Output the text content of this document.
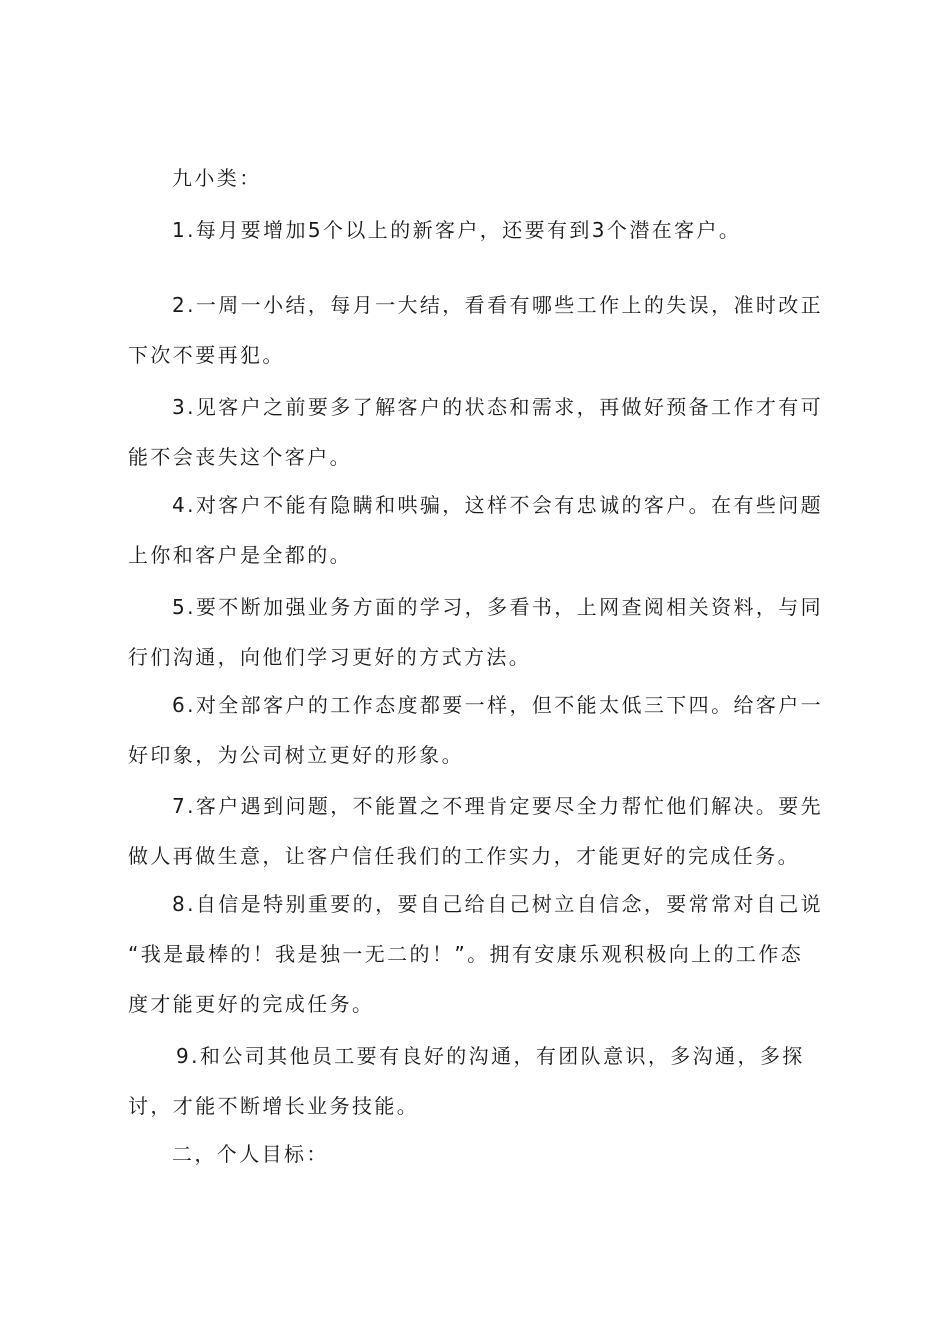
九小类：
1.每月要增加5个以上的新客户，还要有到3个潜在客户。
2.一周一小结，每月一大结，看看有哪些工作上的失误，准时改正
下次不要再犯。
3.见客户之前要多了解客户的状态和需求，再做好预备工作才有可
能不会丧失这个客户。
4.对客户不能有隐瞒和哄骗，这样不会有忠诚的客户。在有些问题
上你和客户是全都的。
5.要不断加强业务方面的学习，多看书，上网查阅相关资料，与同
行们沟通，向他们学习更好的方式方法。
6.对全部客户的工作态度都要一样，但不能太低三下四。给客户一
好印象，为公司树立更好的形象。
7.客户遇到问题，不能置之不理肯定要尽全力帮忙他们解决。要先
做人再做生意，让客户信任我们的工作实力，才能更好的完成任务。
8.自信是特别重要的，要自己给自己树立自信念，要常常对自己说
“我是最棒的！我是独一无二的！”。拥有安康乐观积极向上的工作态
度才能更好的完成任务。
9.和公司其他员工要有良好的沟通，有团队意识，多沟通，多探
讨，才能不断增长业务技能。
二，个人目标：
